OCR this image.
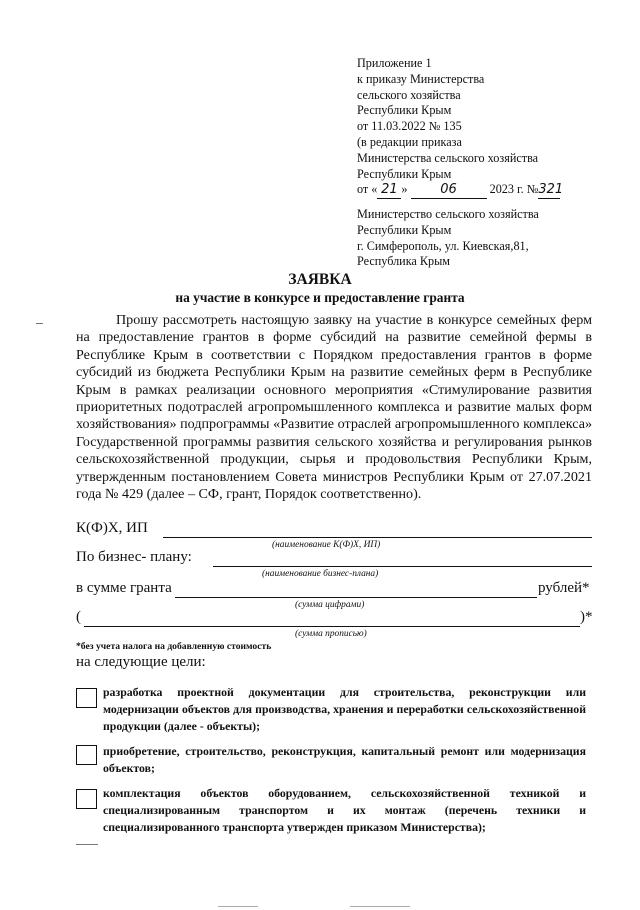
Приложение 1
к приказу Министерства
сельского хозяйства
Республики Крым
от 11.03.2022 № 135
(в редакции приказа
Министерства сельского хозяйства
Республики Крым
от « 21 »	06	2023 г. №321
Министерство сельского хозяйства
Республики Крым
г. Симферополь, ул. Киевская,81,
Республика Крым
ЗАЯВКА
на участие в конкурсе и предоставление гранта
Прошу рассмотреть настоящую заявку на участие в конкурсе семейных ферм на предоставление грантов в форме субсидий на развитие семейной фермы в Республике Крым в соответствии с Порядком предоставления грантов в форме субсидий из бюджета Республики Крым на развитие семейных ферм в Республике Крым в рамках реализации основного мероприятия «Стимулирование развития приоритетных подотраслей агропромышленного комплекса и развитие малых форм хозяйствования» подпрограммы «Развитие отраслей агропромышленного комплекса» Государственной программы развития сельского хозяйства и регулирования рынков сельскохозяйственной продукции, сырья и продовольствия Республики Крым, утвержденным постановлением Совета министров Республики Крым от 27.07.2021 года № 429 (далее – СФ, грант, Порядок соответственно).
К(Ф)Х, ИП
(наименование К(Ф)Х, ИП)
По бизнес- плану:
(наименование бизнес-плана)
в сумме гранта	рублей*
(сумма цифрами)
(	)*
(сумма прописью)
*без учета налога на добавленную стоимость
на следующие цели:
разработка проектной документации для строительства, реконструкции или модернизации объектов для производства, хранения и переработки сельскохозяйственной продукции (далее - объекты);
приобретение, строительство, реконструкция, капитальный ремонт или модернизация объектов;
комплектация объектов оборудованием, сельскохозяйственной техникой и специализированным транспортом и их монтаж (перечень техники и специализированного транспорта утвержден приказом Министерства);
